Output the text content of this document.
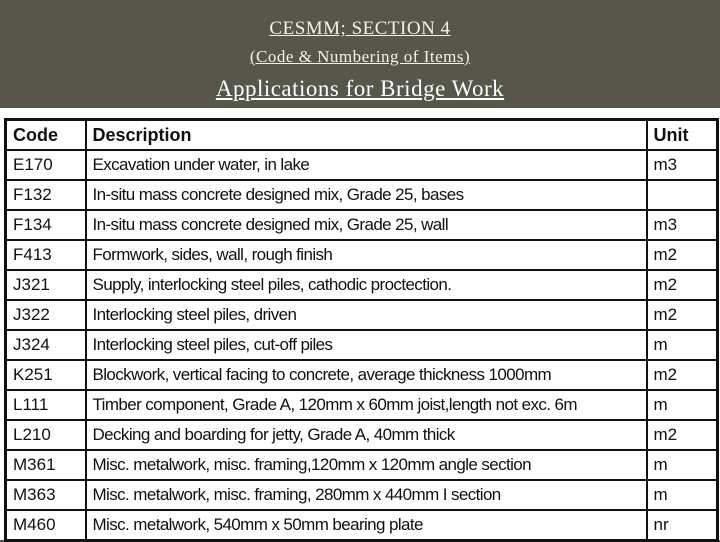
CESMM; SECTION 4
(Code & Numbering of Items)
Applications for Bridge Work
Code	Description	Unit
E170	Excavation under water, in lake	m3
F132	In-situ mass concrete designed mix, Grade 25, bases	
F134	In-situ mass concrete designed mix, Grade 25, wall	m3
F413	Formwork, sides, wall, rough finish	m2
J321	Supply, interlocking steel piles, cathodic proctection.	m2
J322	Interlocking steel piles, driven	m2
J324	Interlocking steel piles, cut-off piles	m
K251	Blockwork, vertical facing to concrete, average thickness 1000mm	m2
L111	Timber component, Grade A, 120mm x 60mm joist,length not exc. 6m	m
L210	Decking and boarding for jetty, Grade A, 40mm thick	m2
M361	Misc. metalwork, misc. framing,120mm x 120mm angle section	m
M363	Misc. metalwork, misc. framing, 280mm x 440mm I section	m
M460	Misc. metalwork, 540mm x 50mm bearing plate	nr
